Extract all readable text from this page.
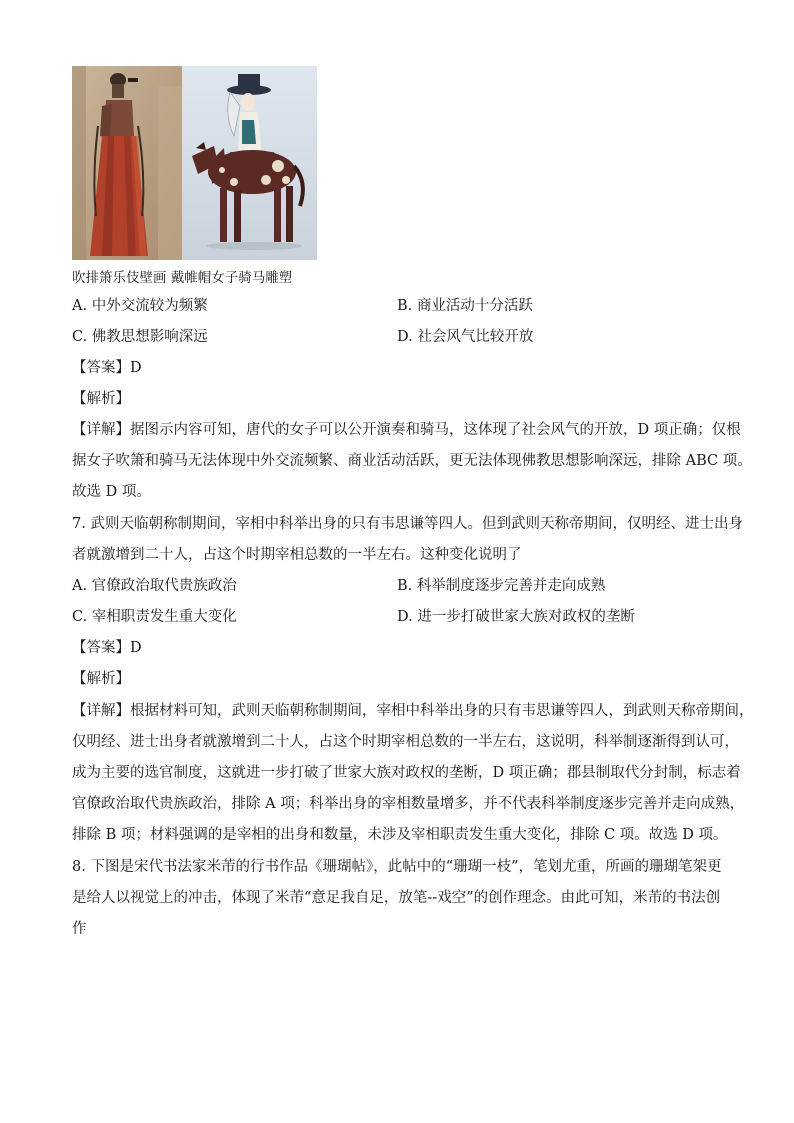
吹排箫乐伎壁画 戴帷帽女子骑马雕塑
A. 中外交流较为频繁	B. 商业活动十分活跃
C. 佛教思想影响深远	D. 社会风气比较开放
【答案】D
【解析】
【详解】据图示内容可知，唐代的女子可以公开演奏和骑马，这体现了社会风气的开放，D 项正确；仅根
据女子吹箫和骑马无法体现中外交流频繁、商业活动活跃，更无法体现佛教思想影响深远，排除 ABC 项。
故选 D 项。
7. 武则天临朝称制期间，宰相中科举出身的只有韦思谦等四人。但到武则天称帝期间，仅明经、进士出身
者就激增到二十人，占这个时期宰相总数的一半左右。这种变化说明了
A. 官僚政治取代贵族政治	B. 科举制度逐步完善并走向成熟
C. 宰相职责发生重大变化	D. 进一步打破世家大族对政权的垄断
【答案】D
【解析】
【详解】根据材料可知，武则天临朝称制期间，宰相中科举出身的只有韦思谦等四人，到武则天称帝期间，
仅明经、进士出身者就激增到二十人，占这个时期宰相总数的一半左右，这说明，科举制逐渐得到认可，
成为主要的选官制度，这就进一步打破了世家大族对政权的垄断，D 项正确；郡县制取代分封制，标志着
官僚政治取代贵族政治，排除 A 项；科举出身的宰相数量增多，并不代表科举制度逐步完善并走向成熟，
排除 B 项；材料强调的是宰相的出身和数量，未涉及宰相职责发生重大变化，排除 C 项。故选 D 项。
8. 下图是宋代书法家米芾的行书作品《珊瑚帖》，此帖中的“珊瑚一枝”，笔划尤重，所画的珊瑚笔架更
是给人以视觉上的冲击，体现了米芾“意足我自足，放笔--戏空”的创作理念。由此可知，米芾的书法创
作
